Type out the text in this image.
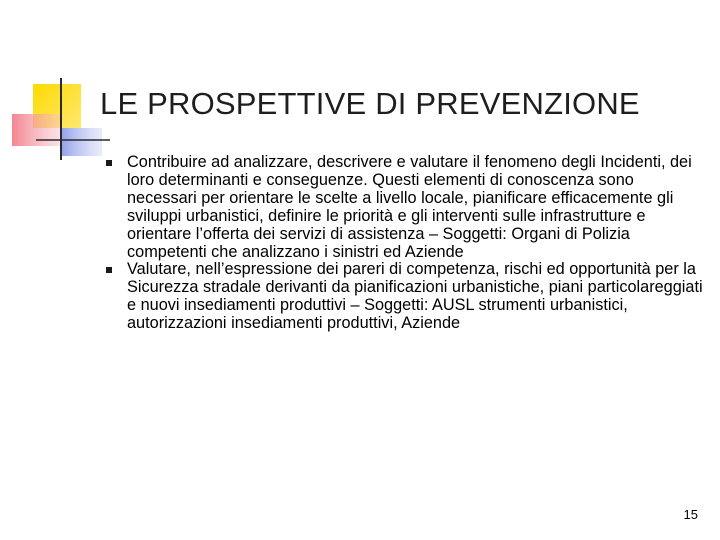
LE PROSPETTIVE DI PREVENZIONE
Contribuire ad analizzare, descrivere e valutare il fenomeno degli Incidenti, dei loro determinanti e conseguenze. Questi elementi di conoscenza sono necessari per orientare le scelte a livello locale, pianificare efficacemente gli sviluppi urbanistici, definire le priorità e gli interventi sulle infrastrutture e orientare l’offerta dei servizi di assistenza – Soggetti: Organi di Polizia competenti che analizzano i sinistri ed Aziende
Valutare, nell’espressione dei pareri di competenza, rischi ed opportunità per la Sicurezza stradale derivanti da pianificazioni urbanistiche, piani particolareggiati e nuovi insediamenti produttivi – Soggetti: AUSL strumenti urbanistici, autorizzazioni insediamenti produttivi, Aziende
15
